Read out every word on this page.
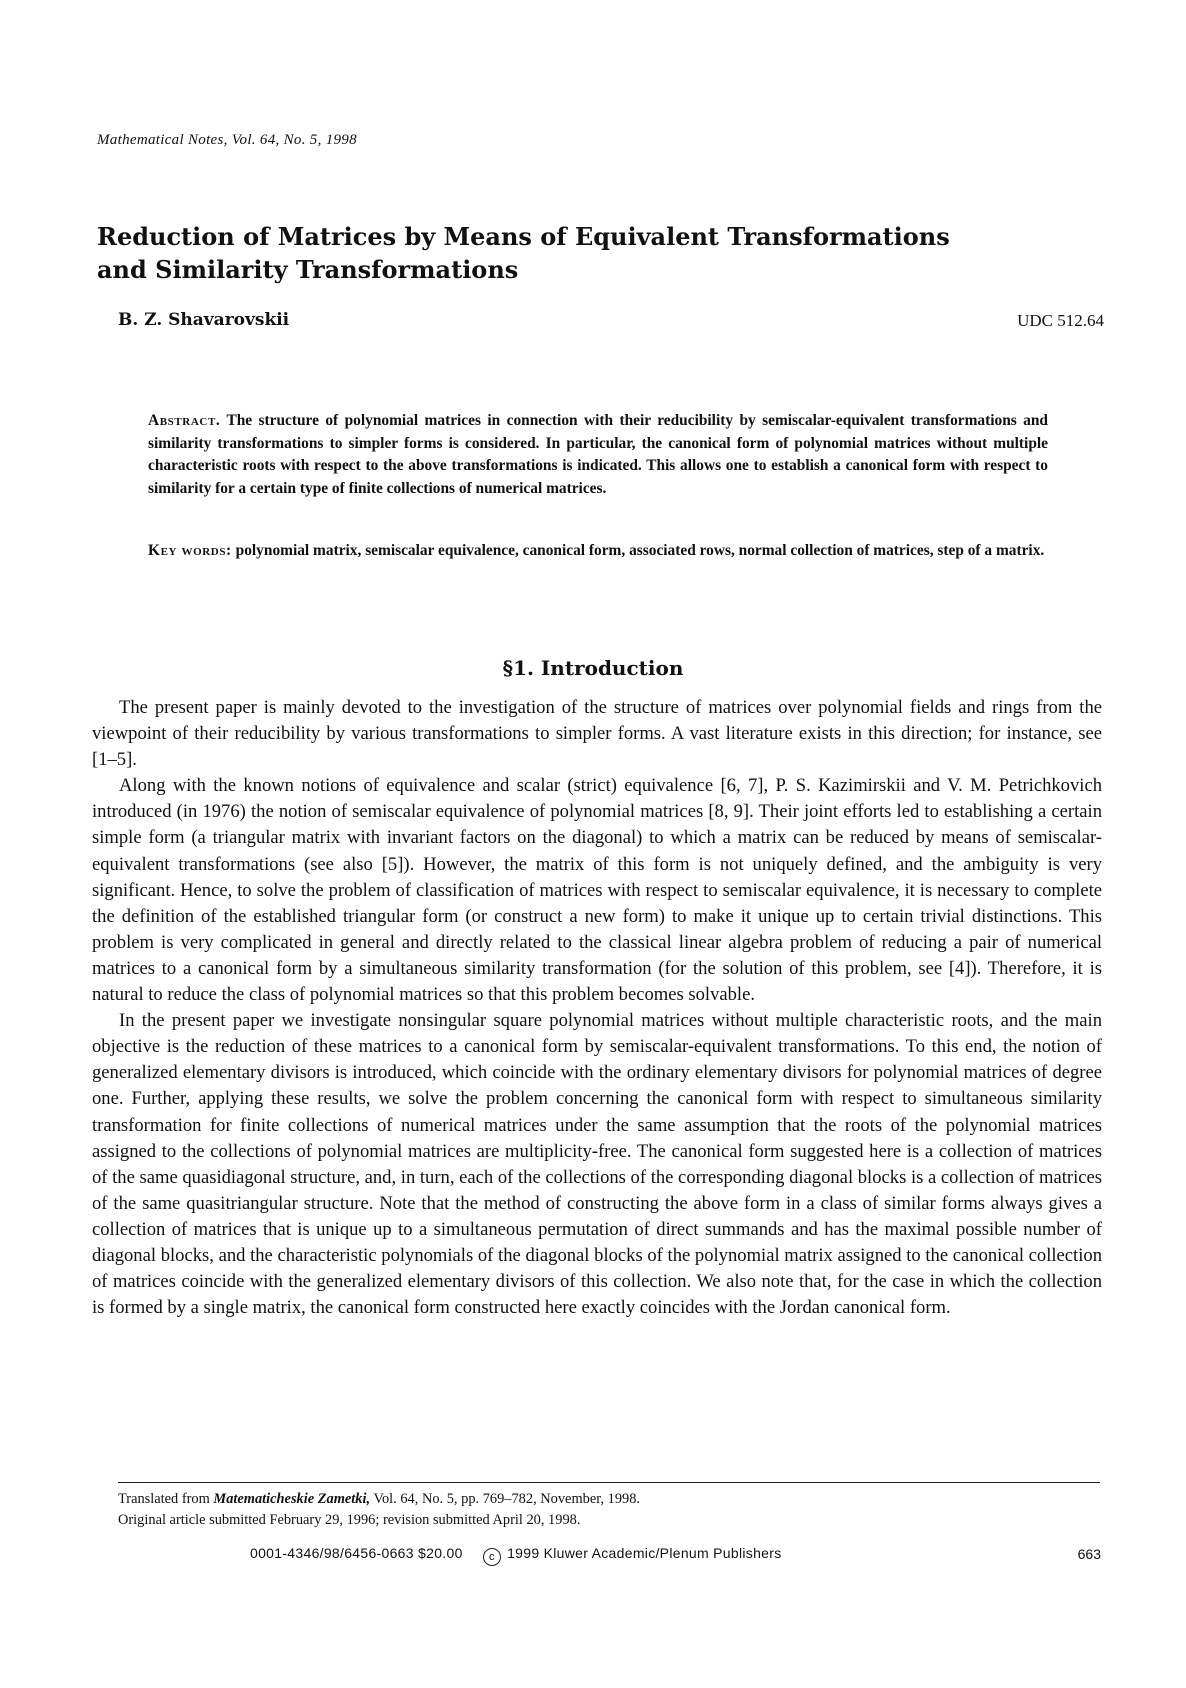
Mathematical Notes, Vol. 64, No. 5, 1998
Reduction of Matrices by Means of Equivalent Transformations
and Similarity Transformations
B. Z. Shavarovskii	UDC 512.64

Abstract. The structure of polynomial matrices in connection with their reducibility by semiscalar-equivalent transformations and similarity transformations to simpler forms is considered. In particular, the canonical form of polynomial matrices without multiple characteristic roots with respect to the above transformations is indicated. This allows one to establish a canonical form with respect to similarity for a certain type of finite collections of numerical matrices.

Key words: polynomial matrix, semiscalar equivalence, canonical form, associated rows, normal collection of matrices, step of a matrix.

§1. Introduction

The present paper is mainly devoted to the investigation of the structure of matrices over polynomial fields and rings from the viewpoint of their reducibility by various transformations to simpler forms. A vast literature exists in this direction; for instance, see [1–5].

Along with the known notions of equivalence and scalar (strict) equivalence [6, 7], P. S. Kazimirskii and V. M. Petrichkovich introduced (in 1976) the notion of semiscalar equivalence of polynomial matrices [8, 9]. Their joint efforts led to establishing a certain simple form (a triangular matrix with invariant factors on the diagonal) to which a matrix can be reduced by means of semiscalar-equivalent transformations (see also [5]). However, the matrix of this form is not uniquely defined, and the ambiguity is very significant. Hence, to solve the problem of classification of matrices with respect to semiscalar equivalence, it is necessary to complete the definition of the established triangular form (or construct a new form) to make it unique up to certain trivial distinctions. This problem is very complicated in general and directly related to the classical linear algebra problem of reducing a pair of numerical matrices to a canonical form by a simultaneous similarity transformation (for the solution of this problem, see [4]). Therefore, it is natural to reduce the class of polynomial matrices so that this problem becomes solvable.

In the present paper we investigate nonsingular square polynomial matrices without multiple characteristic roots, and the main objective is the reduction of these matrices to a canonical form by semiscalar-equivalent transformations. To this end, the notion of generalized elementary divisors is introduced, which coincide with the ordinary elementary divisors for polynomial matrices of degree one. Further, applying these results, we solve the problem concerning the canonical form with respect to simultaneous similarity transformation for finite collections of numerical matrices under the same assumption that the roots of the polynomial matrices assigned to the collections of polynomial matrices are multiplicity-free. The canonical form suggested here is a collection of matrices of the same quasidiagonal structure, and, in turn, each of the collections of the corresponding diagonal blocks is a collection of matrices of the same quasitriangular structure. Note that the method of constructing the above form in a class of similar forms always gives a collection of matrices that is unique up to a simultaneous permutation of direct summands and has the maximal possible number of diagonal blocks, and the characteristic polynomials of the diagonal blocks of the polynomial matrix assigned to the canonical collection of matrices coincide with the generalized elementary divisors of this collection. We also note that, for the case in which the collection is formed by a single matrix, the canonical form constructed here exactly coincides with the Jordan canonical form.

Translated from Matematicheskie Zametki, Vol. 64, No. 5, pp. 769–782, November, 1998.
Original article submitted February 29, 1996; revision submitted April 20, 1998.
0001-4346/98/6456-0663 $20.00 c 1999 Kluwer Academic/Plenum Publishers	663
